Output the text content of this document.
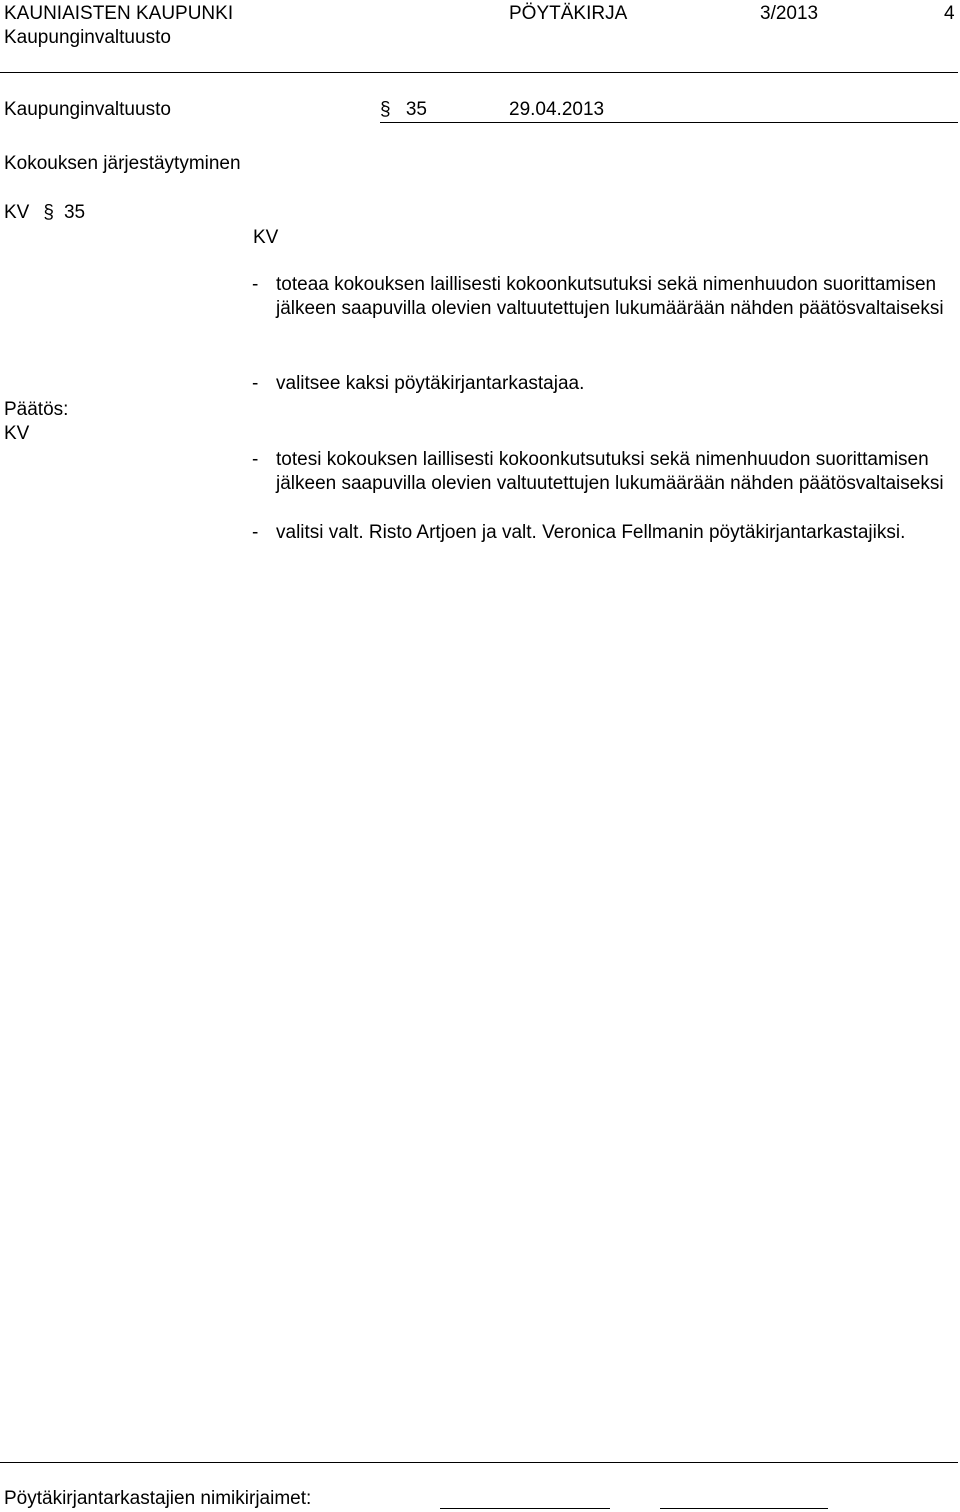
KAUNIAISTEN KAUPUNKI
Kaupunginvaltuusto
PÖYTÄKIRJA	3/2013	4
Kaupunginvaltuusto	§ 35	29.04.2013
Kokouksen järjestäytyminen
KV § 35
KV
- toteaa kokouksen laillisesti kokoonkutsutuksi sekä nimenhuudon suorittamisen jälkeen saapuvilla olevien valtuutettujen lukumäärään nähden päätösvaltaiseksi
- valitsee kaksi pöytäkirjantarkastajaa.
Päätös:
KV
- totesi kokouksen laillisesti kokoonkutsutuksi sekä nimenhuudon suorittamisen jälkeen saapuvilla olevien valtuutettujen lukumäärään nähden päätösvaltaiseksi
- valitsi valt. Risto Artjoen ja valt. Veronica Fellmanin pöytäkirjantarkastajiksi.
Pöytäkirjantarkastajien nimikirjaimet:
